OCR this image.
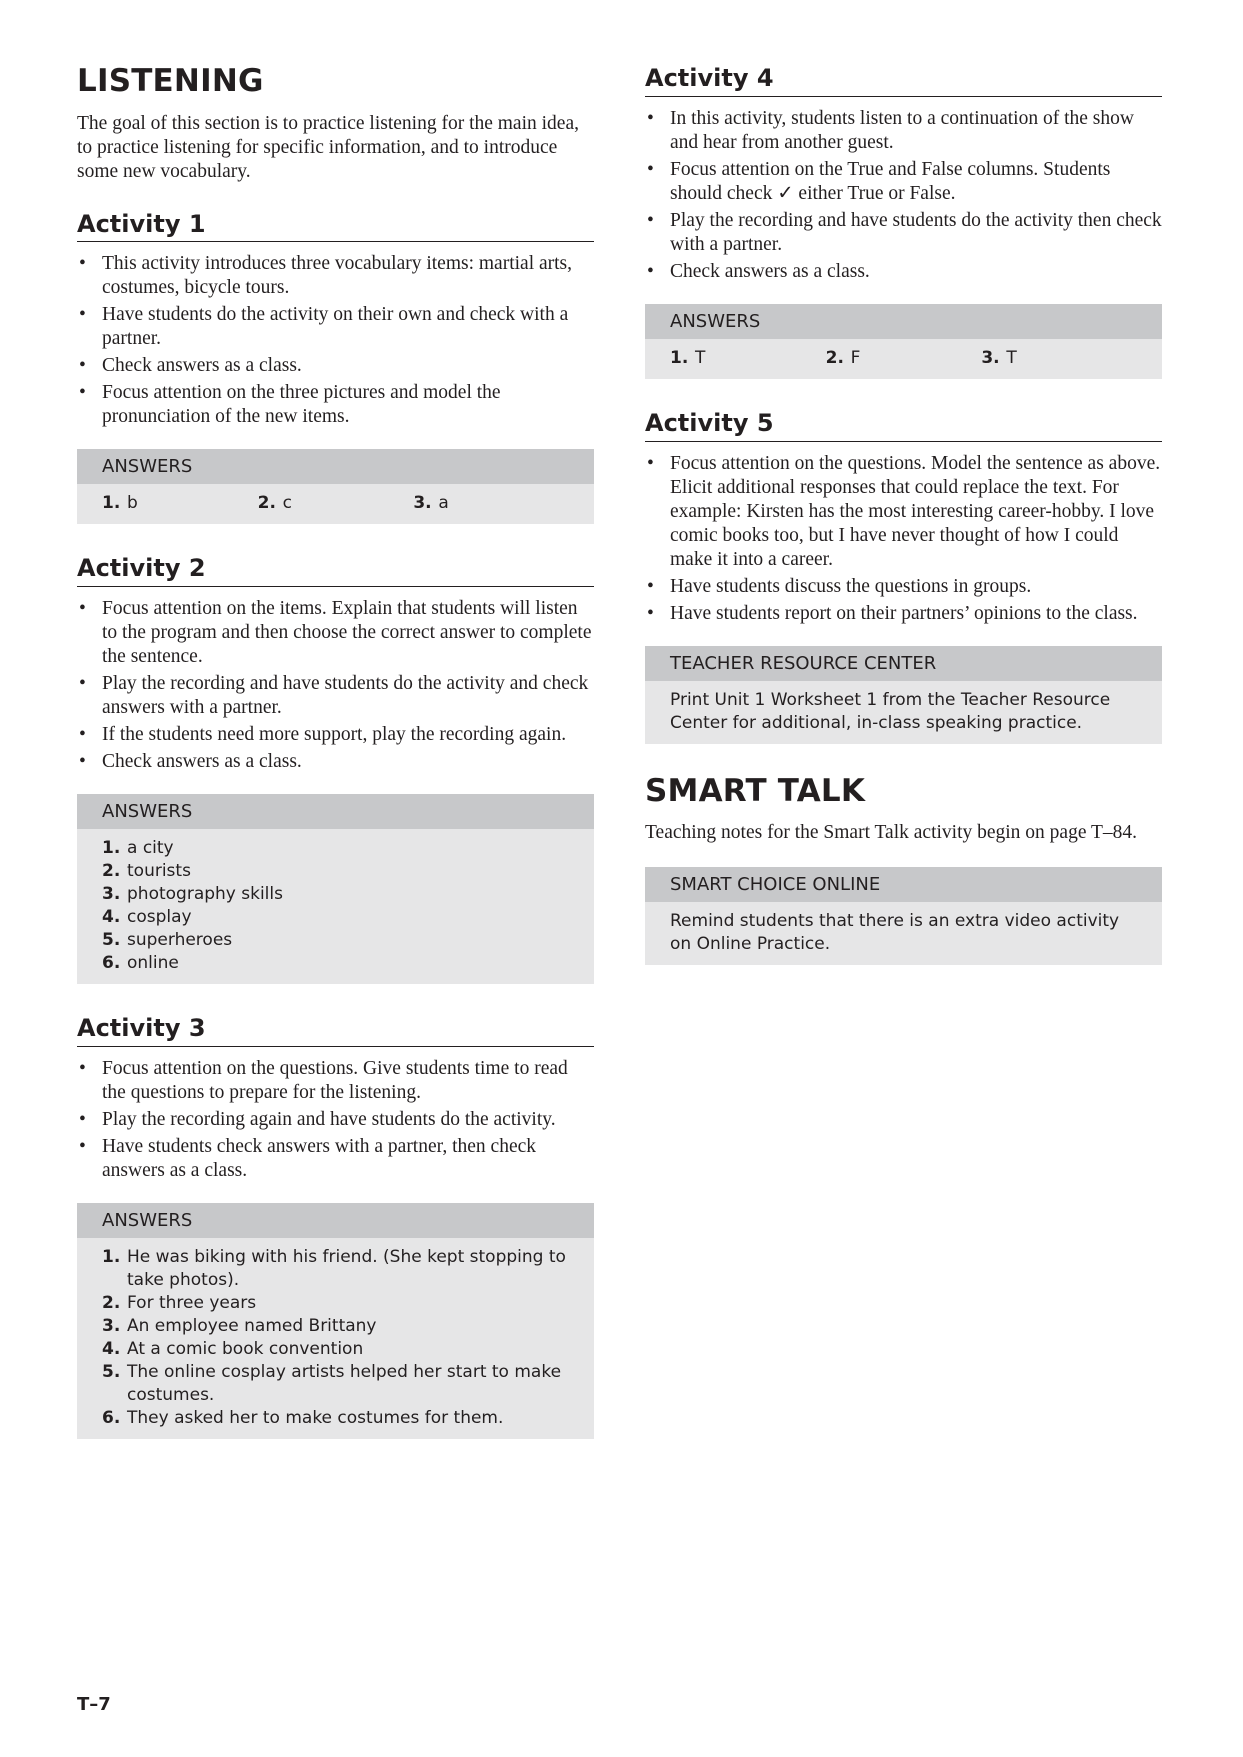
LISTENING

The goal of this section is to practice listening for the main idea, to practice listening for specific information, and to introduce some new vocabulary.

Activity 1
• This activity introduces three vocabulary items: martial arts, costumes, bicycle tours.
• Have students do the activity on their own and check with a partner.
• Check answers as a class.
• Focus attention on the three pictures and model the pronunciation of the new items.
ANSWERS
1. b	2. c	3. a
Activity 2
• Focus attention on the items. Explain that students will listen to the program and then choose the correct answer to complete the sentence.
• Play the recording and have students do the activity and check answers with a partner.
• If the students need more support, play the recording again.
• Check answers as a class.
ANSWERS
1. a city
2. tourists
3. photography skills
4. cosplay
5. superheroes
6. online
Activity 3
• Focus attention on the questions. Give students time to read the questions to prepare for the listening.
• Play the recording again and have students do the activity.
• Have students check answers with a partner, then check answers as a class.
ANSWERS
1. He was biking with his friend. (She kept stopping to take photos).
2. For three years
3. An employee named Brittany
4. At a comic book convention
5. The online cosplay artists helped her start to make costumes.
6. They asked her to make costumes for them.
Activity 4
• In this activity, students listen to a continuation of the show and hear from another guest.
• Focus attention on the True and False columns. Students should check ✓ either True or False.
• Play the recording and have students do the activity then check with a partner.
• Check answers as a class.
ANSWERS
1. T	2. F	3. T
Activity 5
• Focus attention on the questions. Model the sentence as above. Elicit additional responses that could replace the text. For example: Kirsten has the most interesting career-hobby. I love comic books too, but I have never thought of how I could make it into a career.
• Have students discuss the questions in groups.
• Have students report on their partners’ opinions to the class.
TEACHER RESOURCE CENTER
Print Unit 1 Worksheet 1 from the Teacher Resource Center for additional, in-class speaking practice.
SMART TALK

Teaching notes for the Smart Talk activity begin on page T–84.

SMART CHOICE ONLINE
Remind students that there is an extra video activity on Online Practice.
T–7
